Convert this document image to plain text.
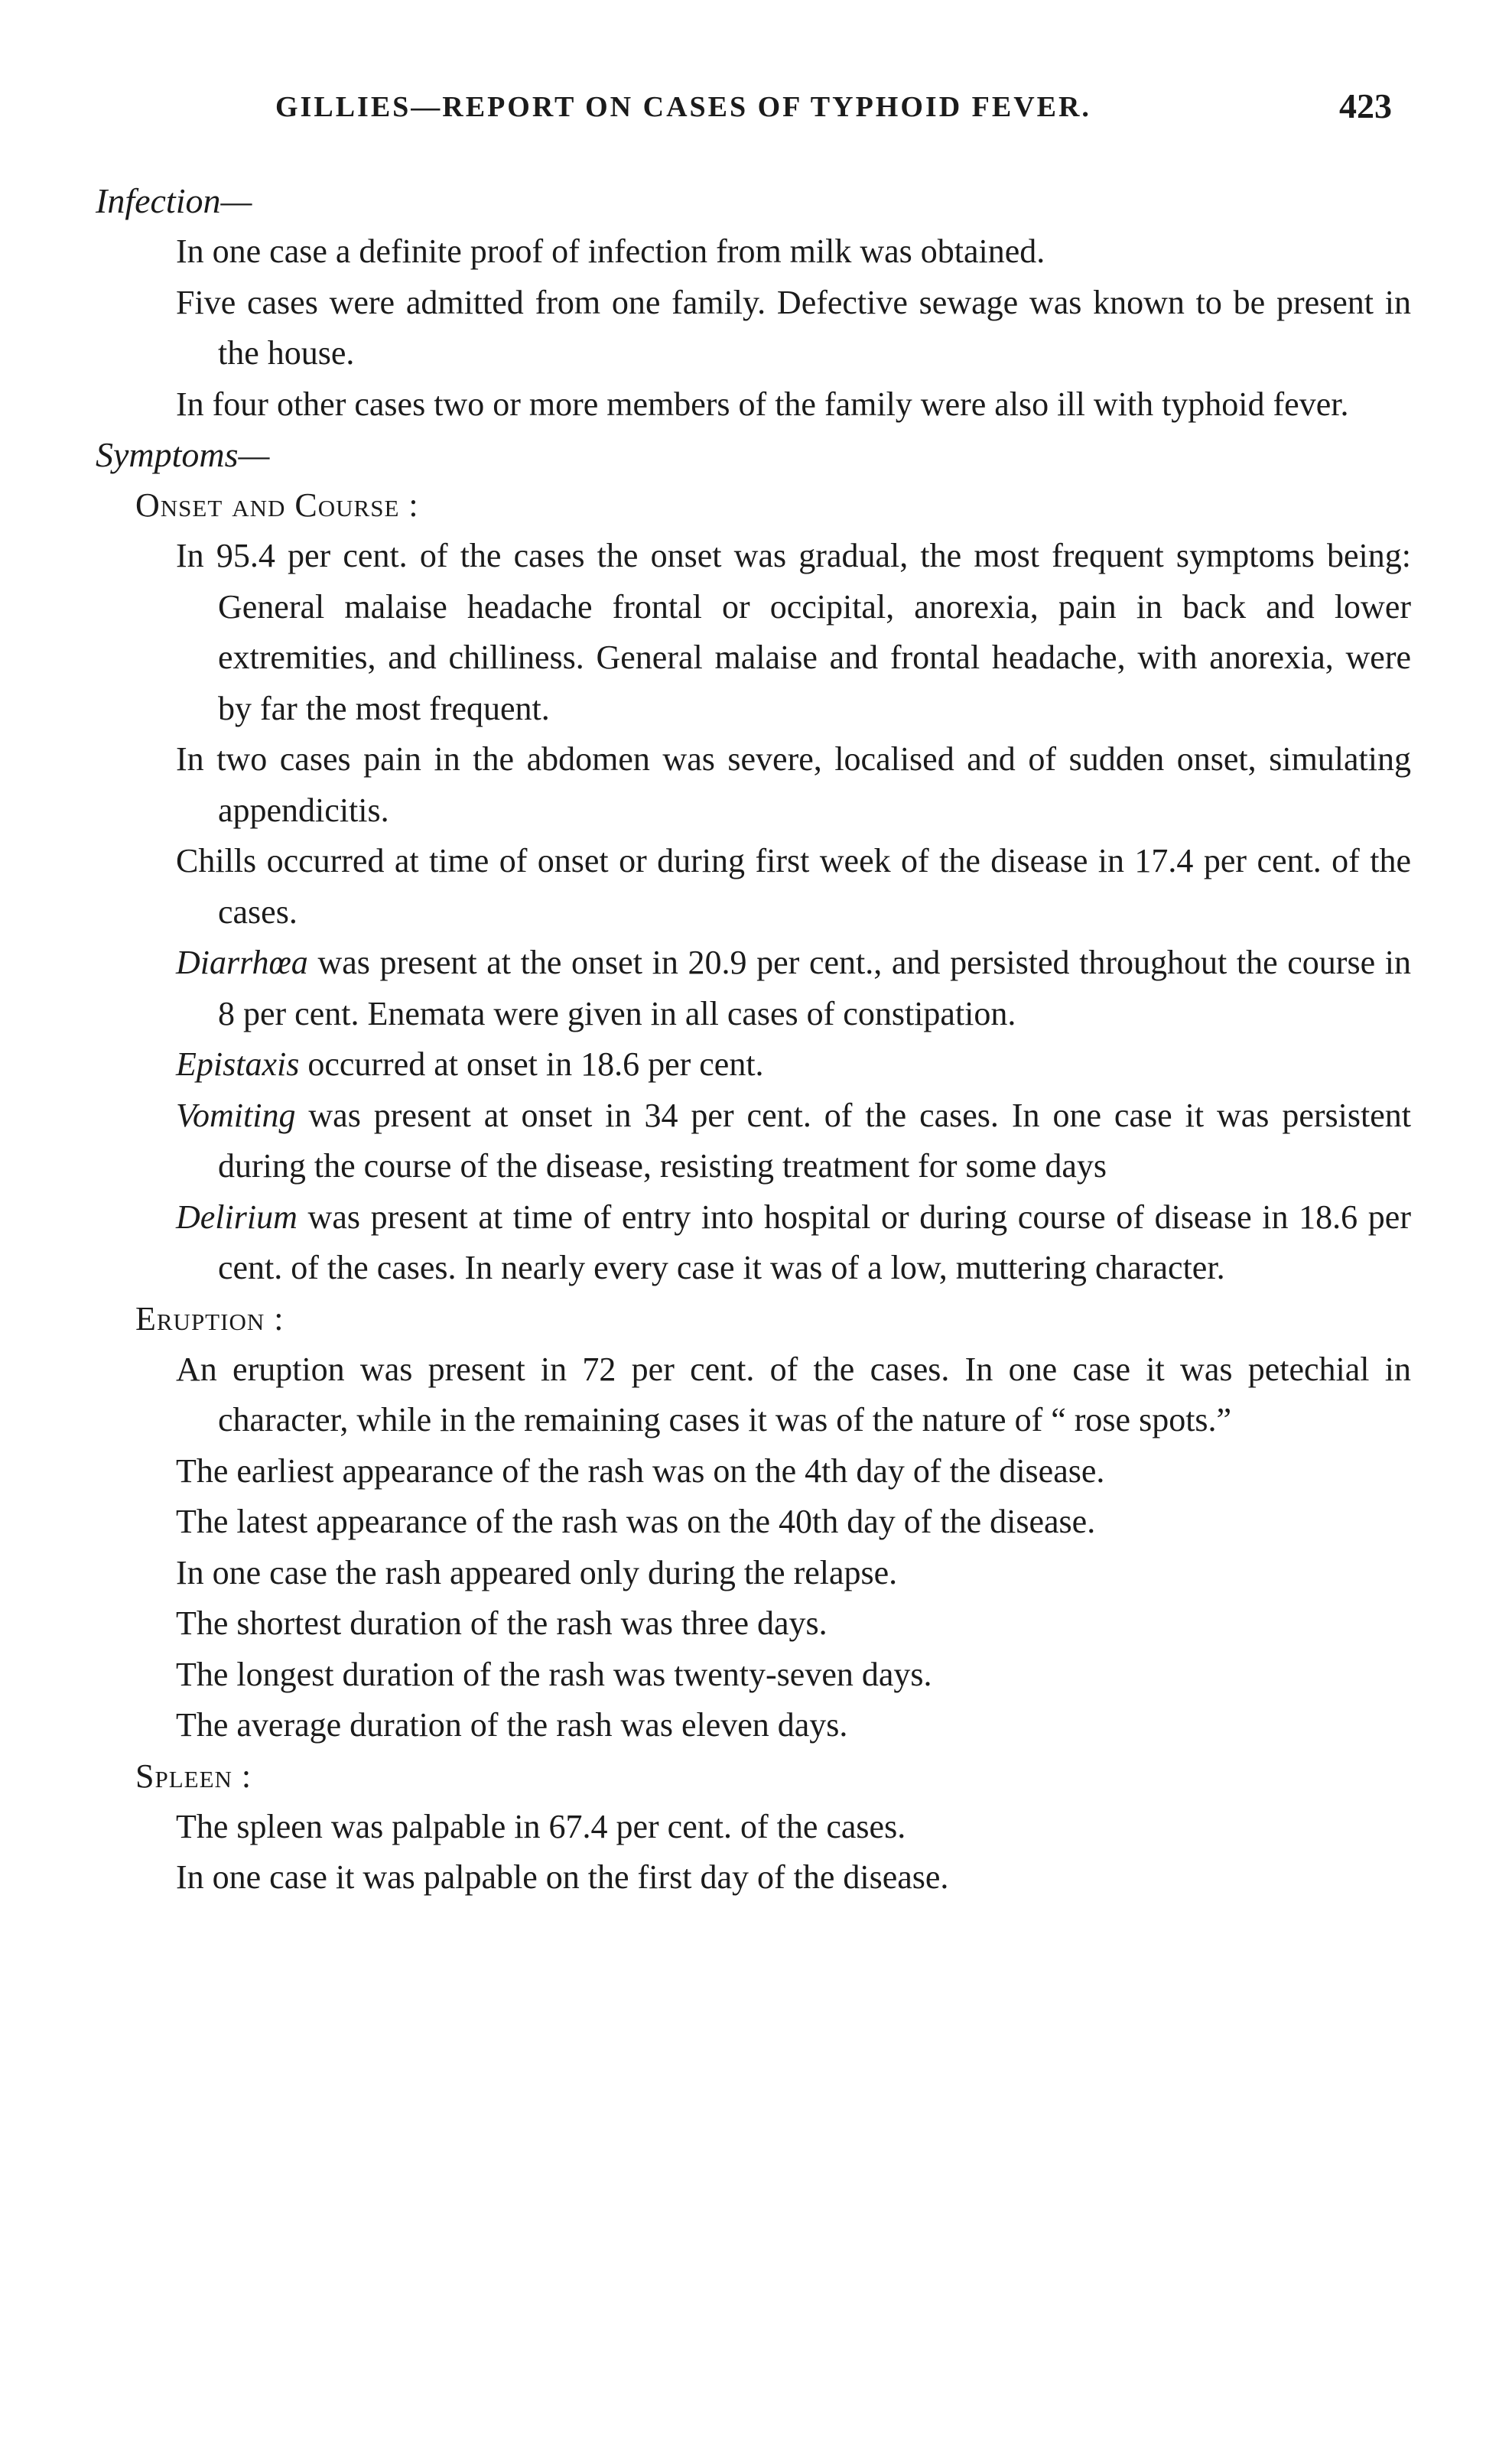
GILLIES—REPORT ON CASES OF TYPHOID FEVER.	423

Infection—

In one case a definite proof of infection from milk was obtained.

Five cases were admitted from one family. Defective sewage was known to be present in the house.

In four other cases two or more members of the family were also ill with typhoid fever.

Symptoms—

Onset and Course :

In 95.4 per cent. of the cases the onset was gradual, the most frequent symptoms being: General malaise headache frontal or occipital, anorexia, pain in back and lower extremities, and chilliness. General malaise and frontal headache, with anorexia, were by far the most frequent.

In two cases pain in the abdomen was severe, localised and of sudden onset, simulating appendicitis.

Chills occurred at time of onset or during first week of the disease in 17.4 per cent. of the cases.

Diarrhœa was present at the onset in 20.9 per cent., and persisted throughout the course in 8 per cent. Enemata were given in all cases of constipation.

Epistaxis occurred at onset in 18.6 per cent.

Vomiting was present at onset in 34 per cent. of the cases. In one case it was persistent during the course of the disease, resisting treatment for some days

Delirium was present at time of entry into hospital or during course of disease in 18.6 per cent. of the cases. In nearly every case it was of a low, muttering character.

Eruption :

An eruption was present in 72 per cent. of the cases. In one case it was petechial in character, while in the remaining cases it was of the nature of “ rose spots.”

The earliest appearance of the rash was on the 4th day of the disease.

The latest appearance of the rash was on the 40th day of the disease.

In one case the rash appeared only during the relapse.

The shortest duration of the rash was three days.

The longest duration of the rash was twenty-seven days.

The average duration of the rash was eleven days.

Spleen :

The spleen was palpable in 67.4 per cent. of the cases.

In one case it was palpable on the first day of the disease.
